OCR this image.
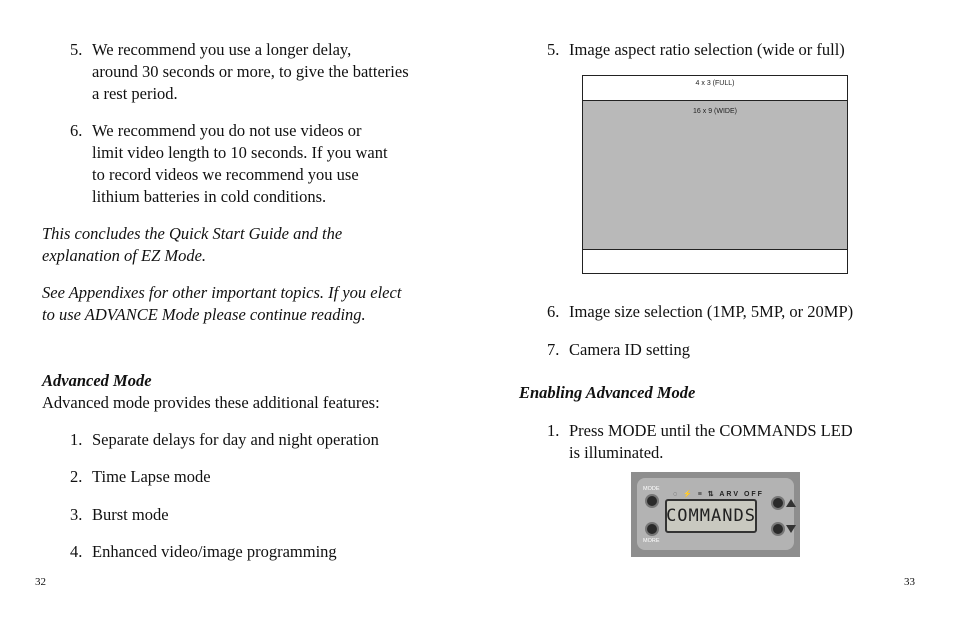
5. We recommend you use a longer delay,
around 30 seconds or more, to give the batteries
a rest period.
6. We recommend you do not use videos or
limit video length to 10 seconds. If you want
to record videos we recommend you use
lithium batteries in cold conditions.
This concludes the Quick Start Guide and the
explanation of EZ Mode.
See Appendixes for other important topics. If you elect
to use ADVANCE Mode please continue reading.
Advanced Mode
Advanced mode provides these additional features:
1. Separate delays for day and night operation
2. Time Lapse mode
3. Burst mode
4. Enhanced video/image programming
32
5. Image aspect ratio selection (wide or full)
4 x 3 (FULL)
16 x 9 (WIDE)
6. Image size selection (1MP, 5MP, or 20MP)
7. Camera ID setting
Enabling Advanced Mode
1. Press MODE until the COMMANDS LED
is illuminated.
MODE
MORE
◌ ⚡ ≡ ⇅ ARV OFF
COMMANDS
33
